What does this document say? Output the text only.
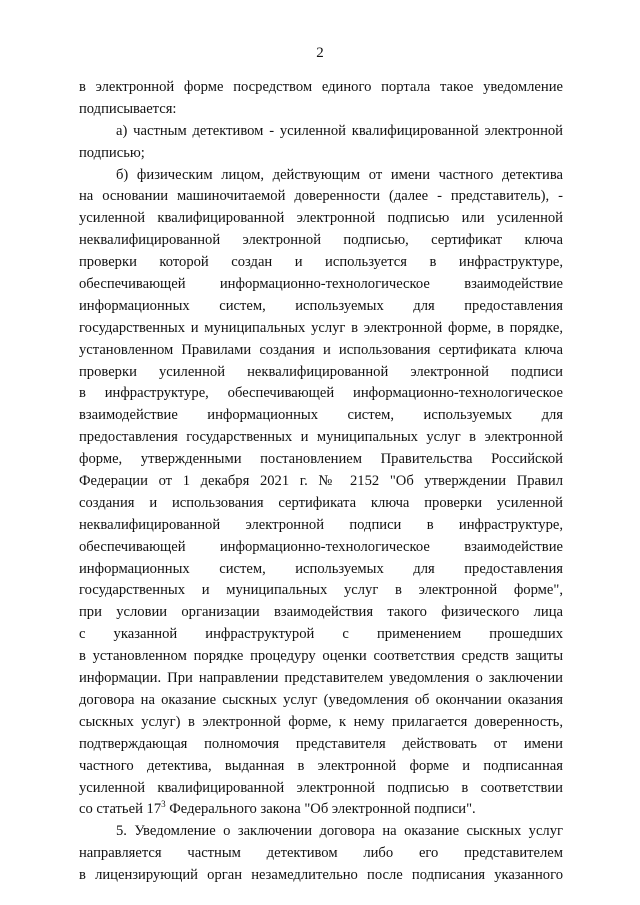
2
в электронной форме посредством единого портала такое уведомление
подписывается:
а) частным детективом - усиленной квалифицированной электронной
подписью;
б) физическим лицом, действующим от имени частного детектива
на основании машиночитаемой доверенности (далее - представитель), -
усиленной квалифицированной электронной подписью или усиленной
неквалифицированной электронной подписью, сертификат ключа
проверки которой создан и используется в инфраструктуре,
обеспечивающей информационно-технологическое взаимодействие
информационных систем, используемых для предоставления
государственных и муниципальных услуг в электронной форме, в порядке,
установленном Правилами создания и использования сертификата ключа
проверки усиленной неквалифицированной электронной подписи
в инфраструктуре, обеспечивающей информационно-технологическое
взаимодействие информационных систем, используемых для
предоставления государственных и муниципальных услуг в электронной
форме, утвержденными постановлением Правительства Российской
Федерации от 1 декабря 2021 г. № 2152 "Об утверждении Правил
создания и использования сертификата ключа проверки усиленной
неквалифицированной электронной подписи в инфраструктуре,
обеспечивающей информационно-технологическое взаимодействие
информационных систем, используемых для предоставления
государственных и муниципальных услуг в электронной форме",
при условии организации взаимодействия такого физического лица
с указанной инфраструктурой с применением прошедших
в установленном порядке процедуру оценки соответствия средств защиты
информации. При направлении представителем уведомления о заключении
договора на оказание сыскных услуг (уведомления об окончании оказания
сыскных услуг) в электронной форме, к нему прилагается доверенность,
подтверждающая полномочия представителя действовать от имени
частного детектива, выданная в электронной форме и подписанная
усиленной квалифицированной электронной подписью в соответствии
со статьей $17^3$ Федерального закона "Об электронной подписи".
5. Уведомление о заключении договора на оказание сыскных услуг
направляется частным детективом либо его представителем
в лицензирующий орган незамедлительно после подписания указанного
